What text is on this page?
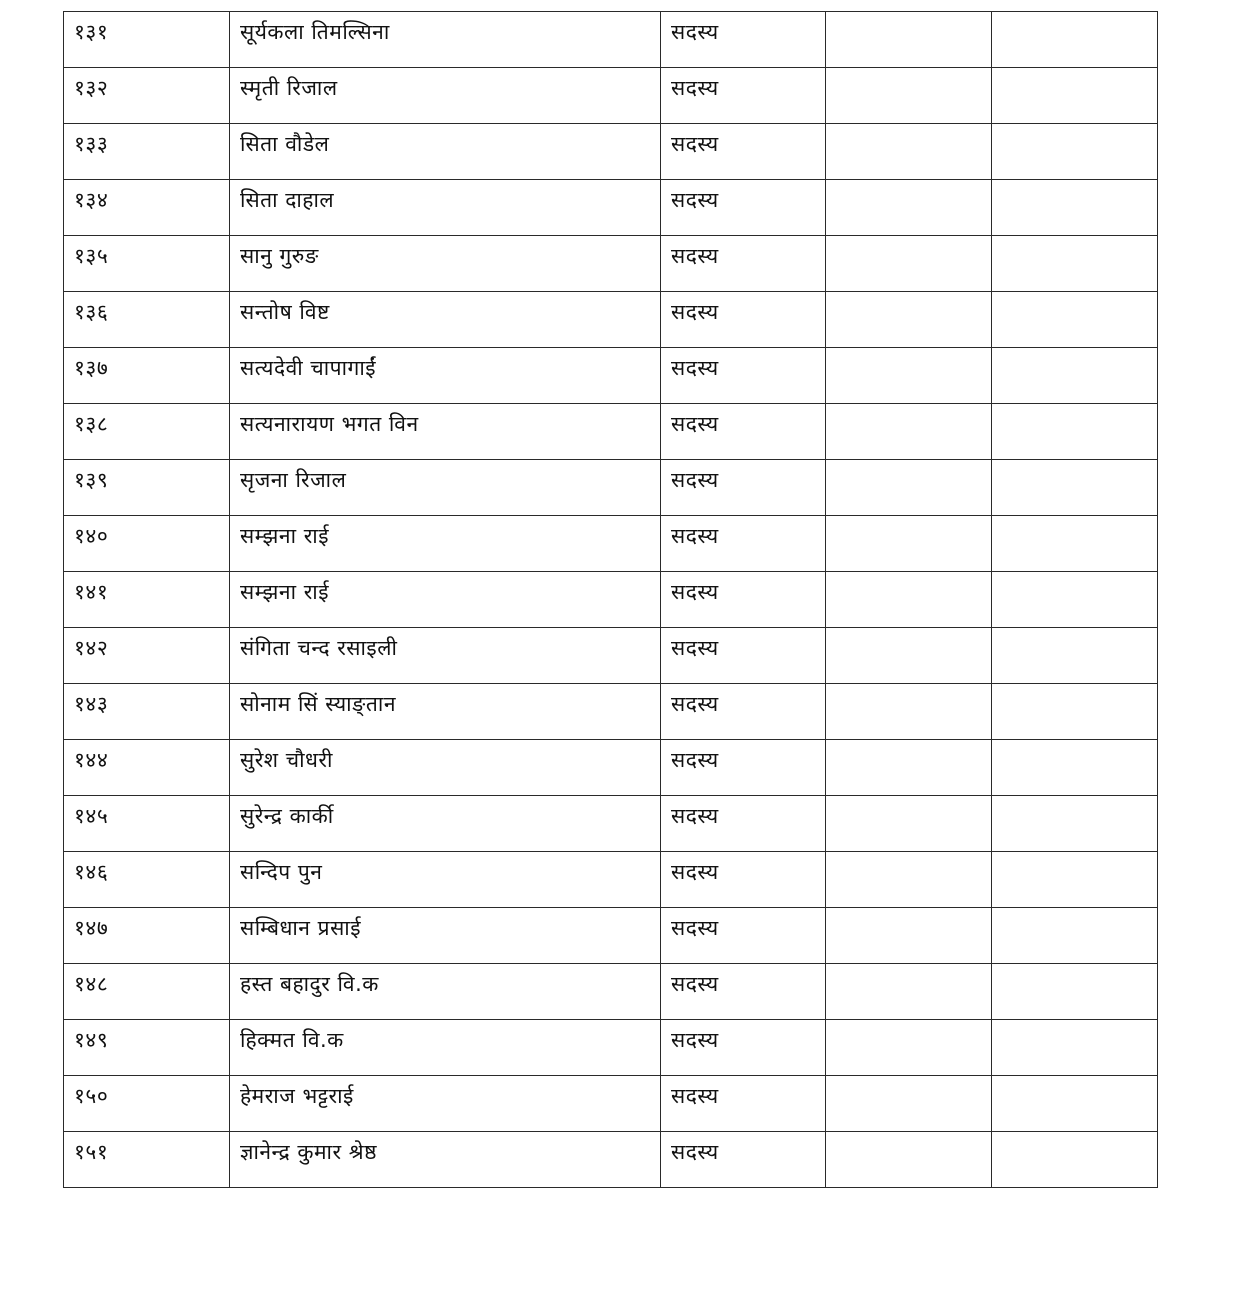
१३१	सूर्यकला तिमल्सिना	सदस्य		
१३२	स्मृती रिजाल	सदस्य		
१३३	सिता वौडेल	सदस्य		
१३४	सिता दाहाल	सदस्य		
१३५	सानु गुरुङ	सदस्य		
१३६	सन्तोष विष्ट	सदस्य		
१३७	सत्यदेवी चापागाईं	सदस्य		
१३८	सत्यनारायण भगत विन	सदस्य		
१३९	सृजना रिजाल	सदस्य		
१४०	सम्झना राई	सदस्य		
१४१	सम्झना राई	सदस्य		
१४२	संगिता चन्द रसाइली	सदस्य		
१४३	सोनाम सिं स्याङ्तान	सदस्य		
१४४	सुरेश चौधरी	सदस्य		
१४५	सुरेन्द्र कार्की	सदस्य		
१४६	सन्दिप पुन	सदस्य		
१४७	सम्बिधान प्रसाई	सदस्य		
१४८	हस्त बहादुर वि.क	सदस्य		
१४९	हिक्मत वि.क	सदस्य		
१५०	हेमराज भट्टराई	सदस्य		
१५१	ज्ञानेन्द्र कुमार श्रेष्ठ	सदस्य		
